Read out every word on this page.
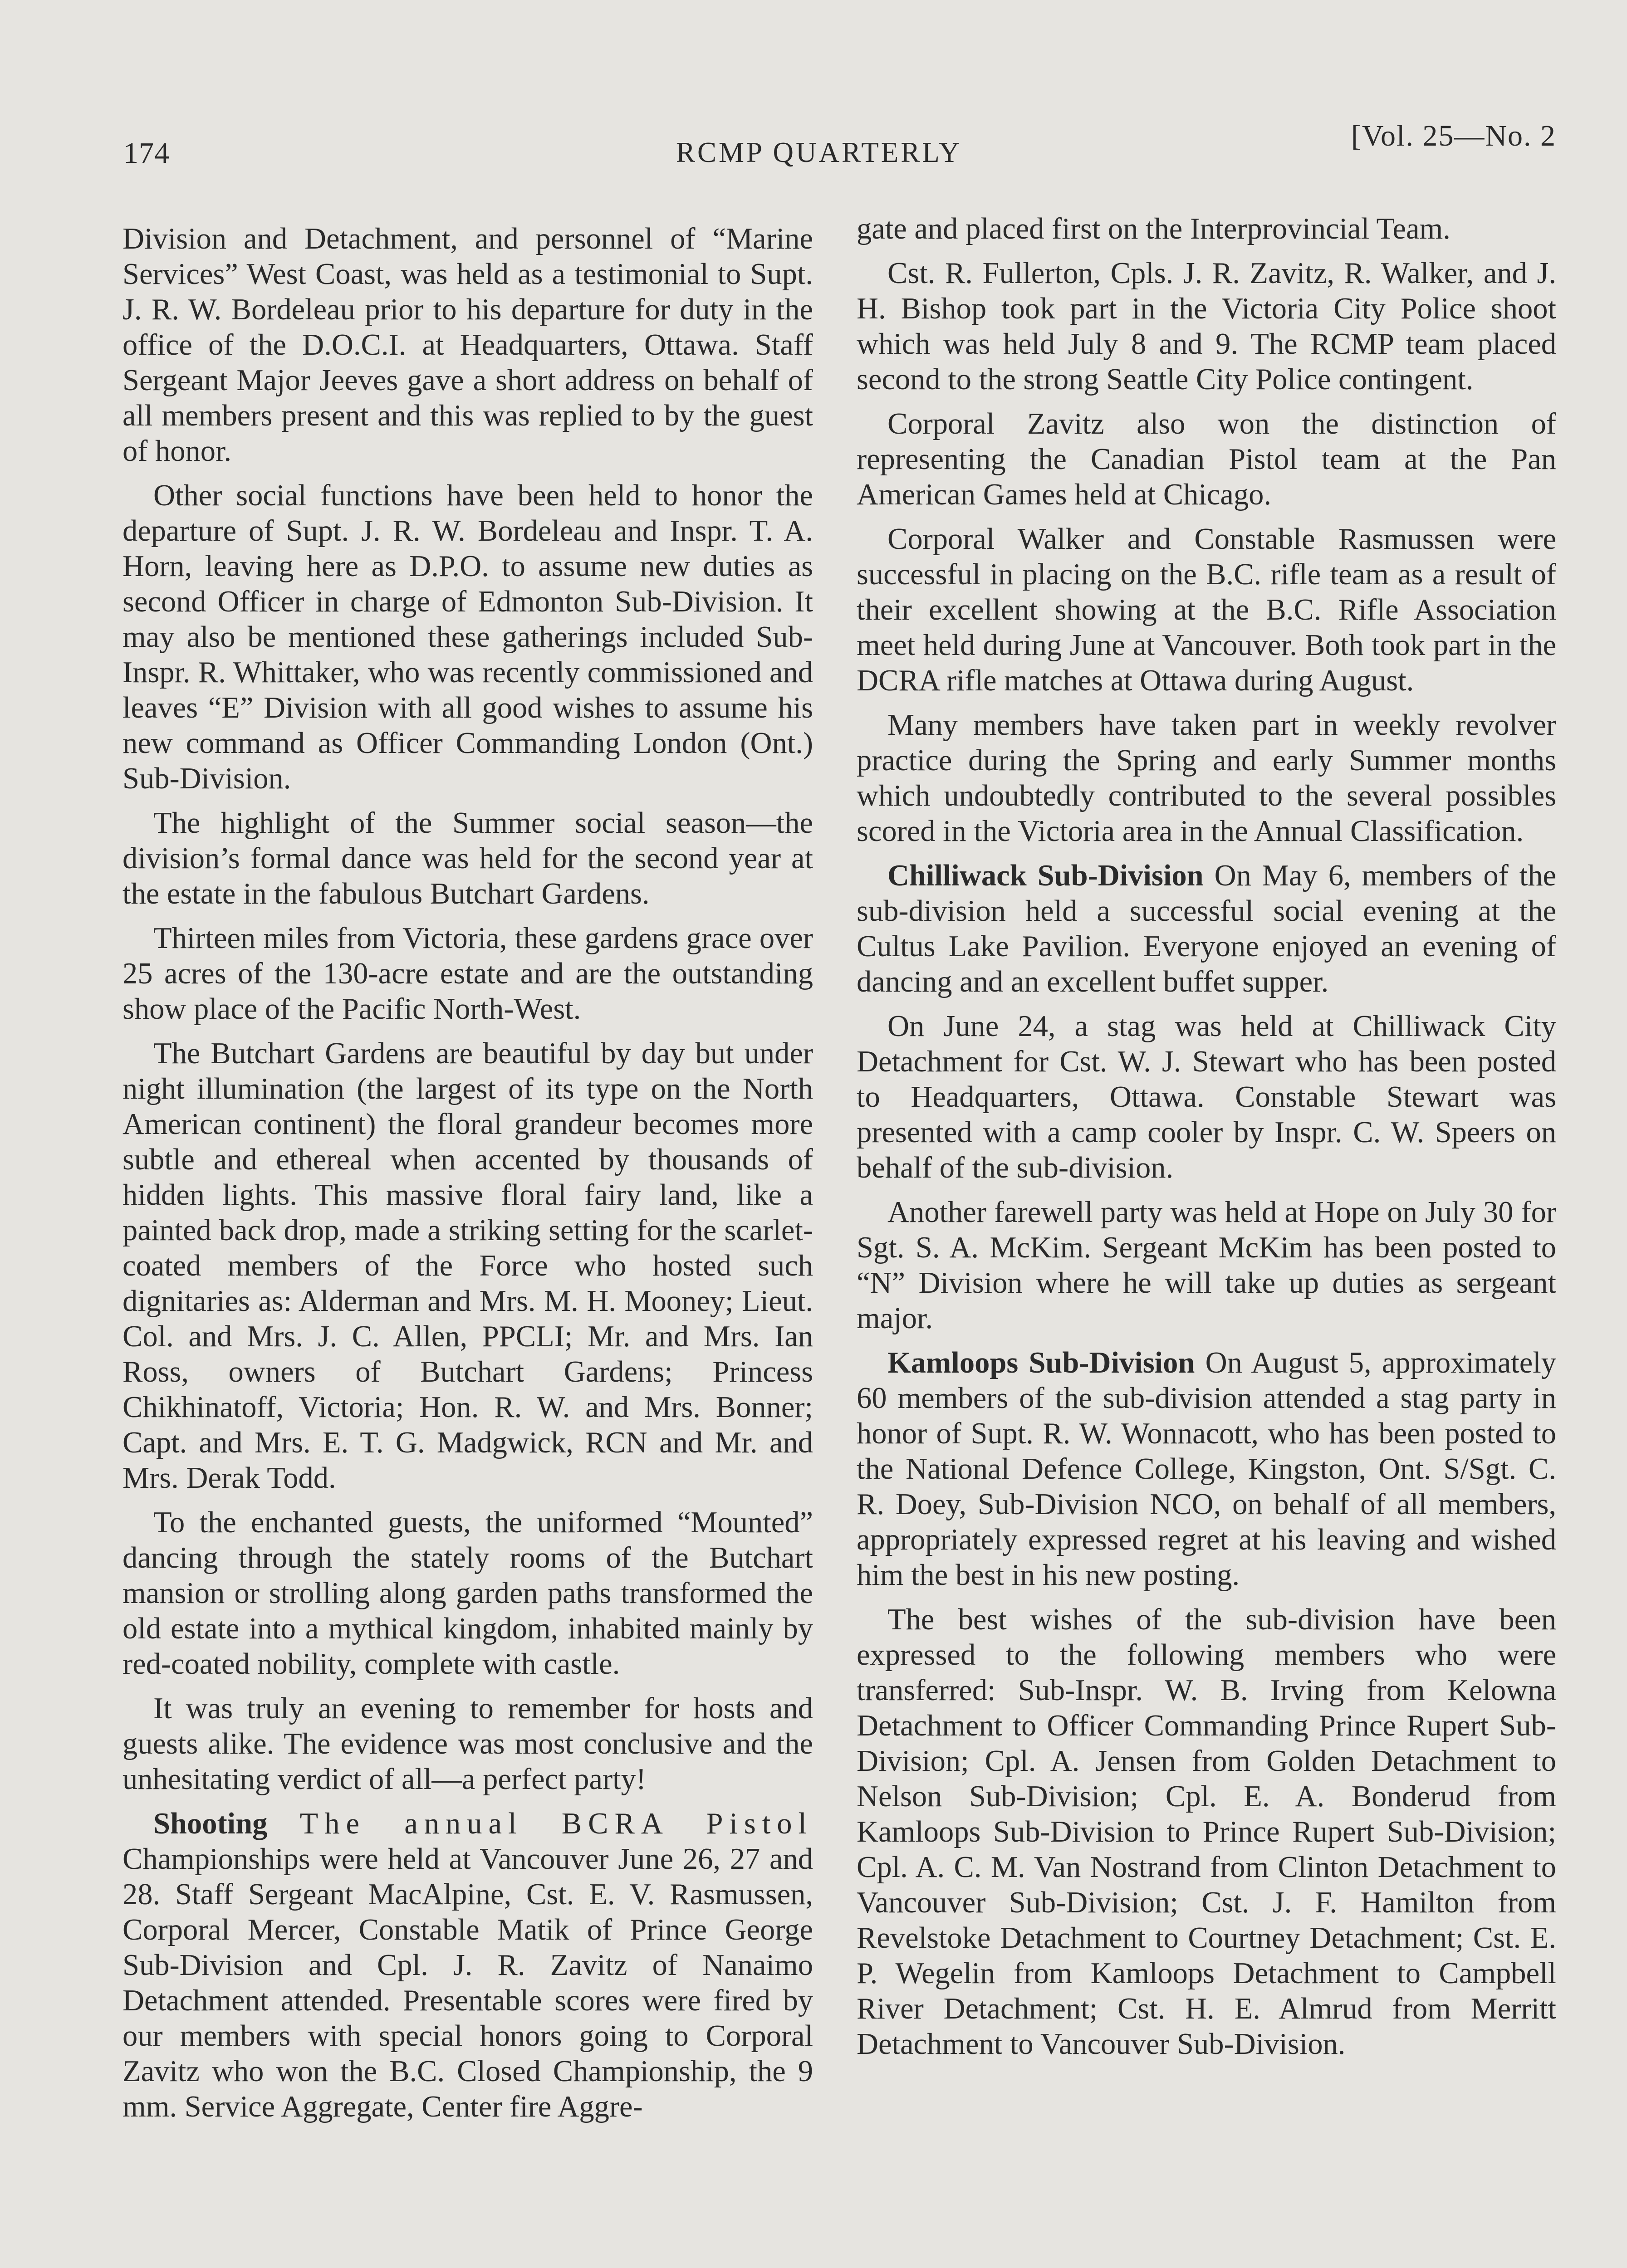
174	RCMP QUARTERLY	[Vol. 25—No. 2

Division and Detachment, and personnel of “Marine Services” West Coast, was held as a testimonial to Supt. J. R. W. Bordeleau prior to his departure for duty in the office of the D.O.C.I. at Headquarters, Ottawa. Staff Sergeant Major Jeeves gave a short address on behalf of all members present and this was replied to by the guest of honor.

Other social functions have been held to honor the departure of Supt. J. R. W. Bordeleau and Inspr. T. A. Horn, leaving here as D.P.O. to assume new duties as second Officer in charge of Edmonton Sub-Division. It may also be mentioned these gatherings included Sub-Inspr. R. Whittaker, who was recently commissioned and leaves “E” Division with all good wishes to assume his new command as Officer Commanding London (Ont.) Sub-Division.

The highlight of the Summer social season—the division’s formal dance was held for the second year at the estate in the fabulous Butchart Gardens.

Thirteen miles from Victoria, these gardens grace over 25 acres of the 130-acre estate and are the outstanding show place of the Pacific North-West.

The Butchart Gardens are beautiful by day but under night illumination (the largest of its type on the North American continent) the floral grandeur becomes more subtle and ethereal when accented by thousands of hidden lights. This massive floral fairy land, like a painted back drop, made a striking setting for the scarlet-coated members of the Force who hosted such dignitaries as: Alderman and Mrs. M. H. Mooney; Lieut. Col. and Mrs. J. C. Allen, PPCLI; Mr. and Mrs. Ian Ross, owners of Butchart Gardens; Princess Chikhinatoff, Victoria; Hon. R. W. and Mrs. Bonner; Capt. and Mrs. E. T. G. Madgwick, RCN and Mr. and Mrs. Derak Todd.

To the enchanted guests, the uniformed “Mounted” dancing through the stately rooms of the Butchart mansion or strolling along garden paths transformed the old estate into a mythical kingdom, inhabited mainly by red-coated nobility, complete with castle.

It was truly an evening to remember for hosts and guests alike. The evidence was most conclusive and the unhesitating verdict of all—a perfect party!

Shooting The annual BCRA Pistol Championships were held at Vancouver June 26, 27 and 28. Staff Sergeant MacAlpine, Cst. E. V. Rasmussen, Corporal Mercer, Constable Matik of Prince George Sub-Division and Cpl. J. R. Zavitz of Nanaimo Detachment attended. Presentable scores were fired by our members with special honors going to Corporal Zavitz who won the B.C. Closed Championship, the 9 mm. Service Aggregate, Center fire Aggre-

gate and placed first on the Interprovincial Team.

Cst. R. Fullerton, Cpls. J. R. Zavitz, R. Walker, and J. H. Bishop took part in the Victoria City Police shoot which was held July 8 and 9. The RCMP team placed second to the strong Seattle City Police contingent.

Corporal Zavitz also won the distinction of representing the Canadian Pistol team at the Pan American Games held at Chicago.

Corporal Walker and Constable Rasmussen were successful in placing on the B.C. rifle team as a result of their excellent showing at the B.C. Rifle Association meet held during June at Vancouver. Both took part in the DCRA rifle matches at Ottawa during August.

Many members have taken part in weekly revolver practice during the Spring and early Summer months which undoubtedly contributed to the several possibles scored in the Victoria area in the Annual Classification.

Chilliwack Sub-Division On May 6, members of the sub-division held a successful social evening at the Cultus Lake Pavilion. Everyone enjoyed an evening of dancing and an excellent buffet supper.

On June 24, a stag was held at Chilliwack City Detachment for Cst. W. J. Stewart who has been posted to Headquarters, Ottawa. Constable Stewart was presented with a camp cooler by Inspr. C. W. Speers on behalf of the sub-division.

Another farewell party was held at Hope on July 30 for Sgt. S. A. McKim. Sergeant McKim has been posted to “N” Division where he will take up duties as sergeant major.

Kamloops Sub-Division On August 5, approximately 60 members of the sub-division attended a stag party in honor of Supt. R. W. Wonnacott, who has been posted to the National Defence College, Kingston, Ont. S/Sgt. C. R. Doey, Sub-Division NCO, on behalf of all members, appropriately expressed regret at his leaving and wished him the best in his new posting.

The best wishes of the sub-division have been expressed to the following members who were transferred: Sub-Inspr. W. B. Irving from Kelowna Detachment to Officer Commanding Prince Rupert Sub-Division; Cpl. A. Jensen from Golden Detachment to Nelson Sub-Division; Cpl. E. A. Bonderud from Kamloops Sub-Division to Prince Rupert Sub-Division; Cpl. A. C. M. Van Nostrand from Clinton Detachment to Vancouver Sub-Division; Cst. J. F. Hamilton from Revelstoke Detachment to Courtney Detachment; Cst. E. P. Wegelin from Kamloops Detachment to Campbell River Detachment; Cst. H. E. Almrud from Merritt Detachment to Vancouver Sub-Division.
